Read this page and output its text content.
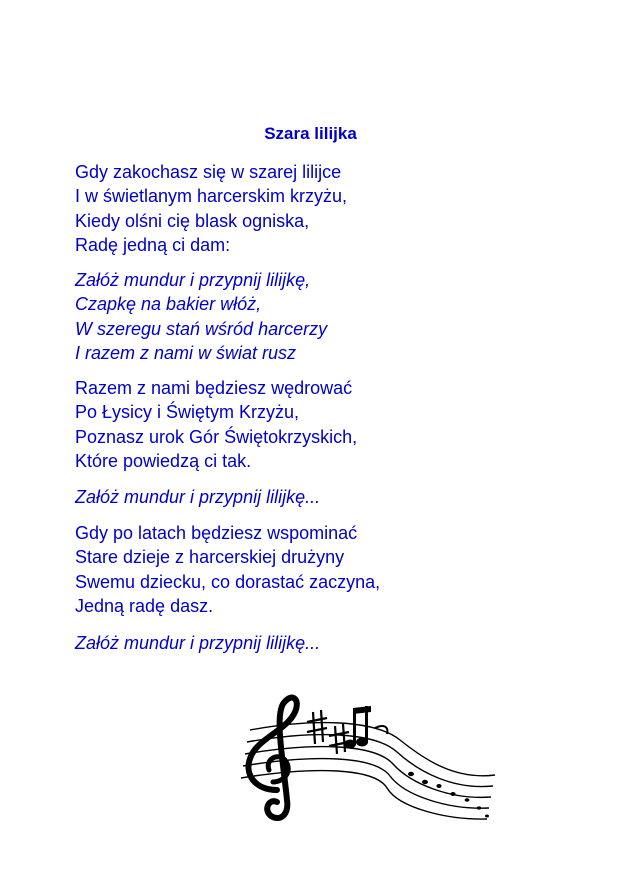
Szara lilijka
Gdy zakochasz się w szarej lilijce
I w świetlanym harcerskim krzyżu,
Kiedy olśni cię blask ogniska,
Radę jedną ci dam:
Załóż mundur i przypnij lilijkę,
Czapkę na bakier włóż,
W szeregu stań wśród harcerzy
I razem z nami w świat rusz
Razem z nami będziesz wędrować
Po Łysicy i Świętym Krzyżu,
Poznasz urok Gór Świętokrzyskich,
Które powiedzą ci tak.
Załóż mundur i przypnij lilijkę...
Gdy po latach będziesz wspominać
Stare dzieje z harcerskiej drużyny
Swemu dziecku, co dorastać zaczyna,
Jedną radę dasz.
Załóż mundur i przypnij lilijkę...
